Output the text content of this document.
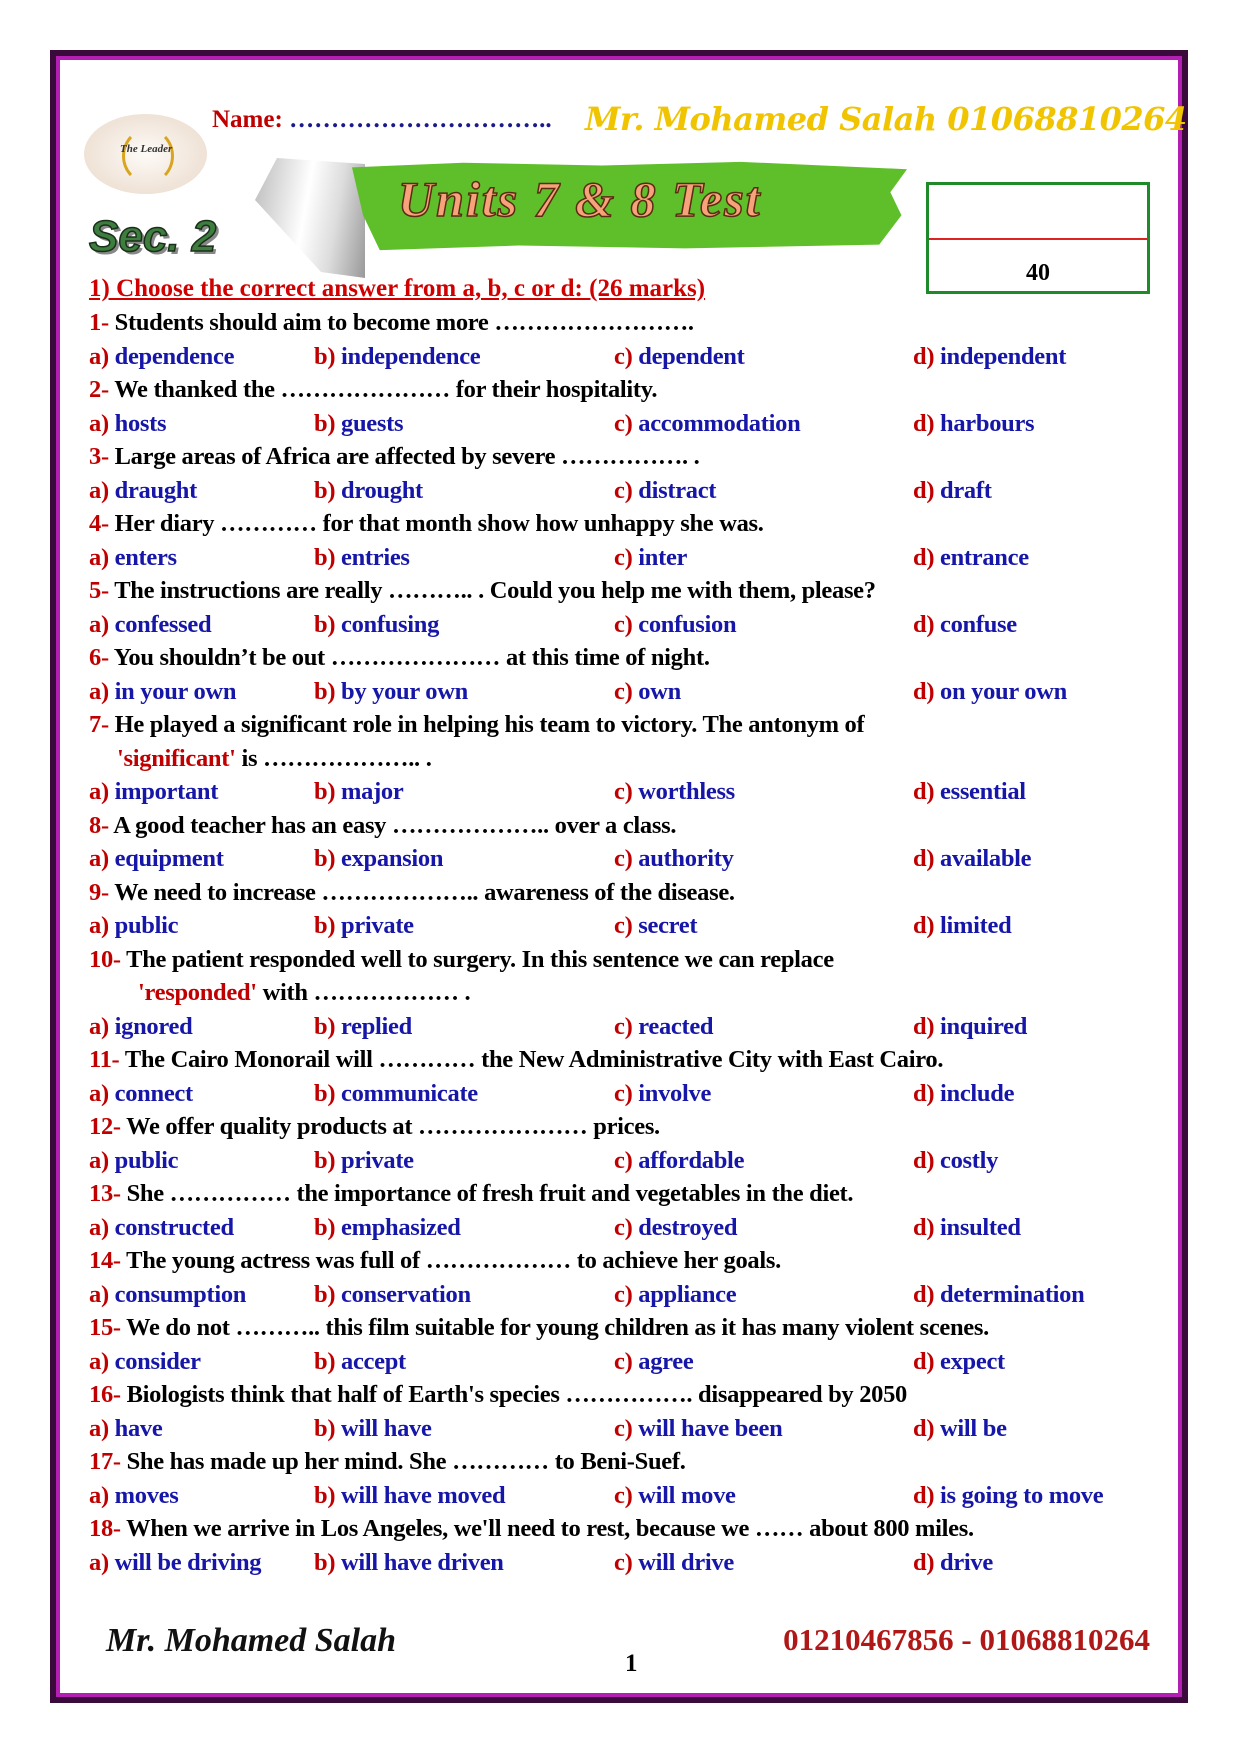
The Leader
Name: ………………………….. Mr. Mohamed Salah 01068810264
Units 7 & 8 Test
Sec. 2
40
1) Choose the correct answer from a, b, c or d: (26 marks)
1- Students should aim to become more …………………….
a) dependence	b) independence	c) dependent	d) independent
2- We thanked the ………………… for their hospitality.
a) hosts	b) guests	c) accommodation	d) harbours
3- Large areas of Africa are affected by severe ……………. .
a) draught	b) drought	c) distract	d) draft
4- Her diary ………… for that month show how unhappy she was.
a) enters	b) entries	c) inter	d) entrance
5- The instructions are really ……….. . Could you help me with them, please?
a) confessed	b) confusing	c) confusion	d) confuse
6- You shouldn’t be out ………………… at this time of night.
a) in your own	b) by your own	c) own	d) on your own
7- He played a significant role in helping his team to victory. The antonym of
'significant' is ……………….. .
a) important	b) major	c) worthless	d) essential
8- A good teacher has an easy ……………….. over a class.
a) equipment	b) expansion	c) authority	d) available
9- We need to increase ……………….. awareness of the disease.
a) public	b) private	c) secret	d) limited
10- The patient responded well to surgery. In this sentence we can replace
'responded' with ……………… .
a) ignored	b) replied	c) reacted	d) inquired
11- The Cairo Monorail will ………… the New Administrative City with East Cairo.
a) connect	b) communicate	c) involve	d) include
12- We offer quality products at ………………… prices.
a) public	b) private	c) affordable	d) costly
13- She …………… the importance of fresh fruit and vegetables in the diet.
a) constructed	b) emphasized	c) destroyed	d) insulted
14- The young actress was full of ……………… to achieve her goals.
a) consumption	b) conservation	c) appliance	d) determination
15- We do not ……….. this film suitable for young children as it has many violent scenes.
a) consider	b) accept	c) agree	d) expect
16- Biologists think that half of Earth's species ……………. disappeared by 2050
a) have	b) will have	c) will have been	d) will be
17- She has made up her mind. She ………… to Beni-Suef.
a) moves	b) will have moved	c) will move	d) is going to move
18- When we arrive in Los Angeles, we'll need to rest, because we …… about 800 miles.
a) will be driving b) will have driven	c) will drive	d) drive
Mr. Mohamed Salah
1
01210467856 - 01068810264
